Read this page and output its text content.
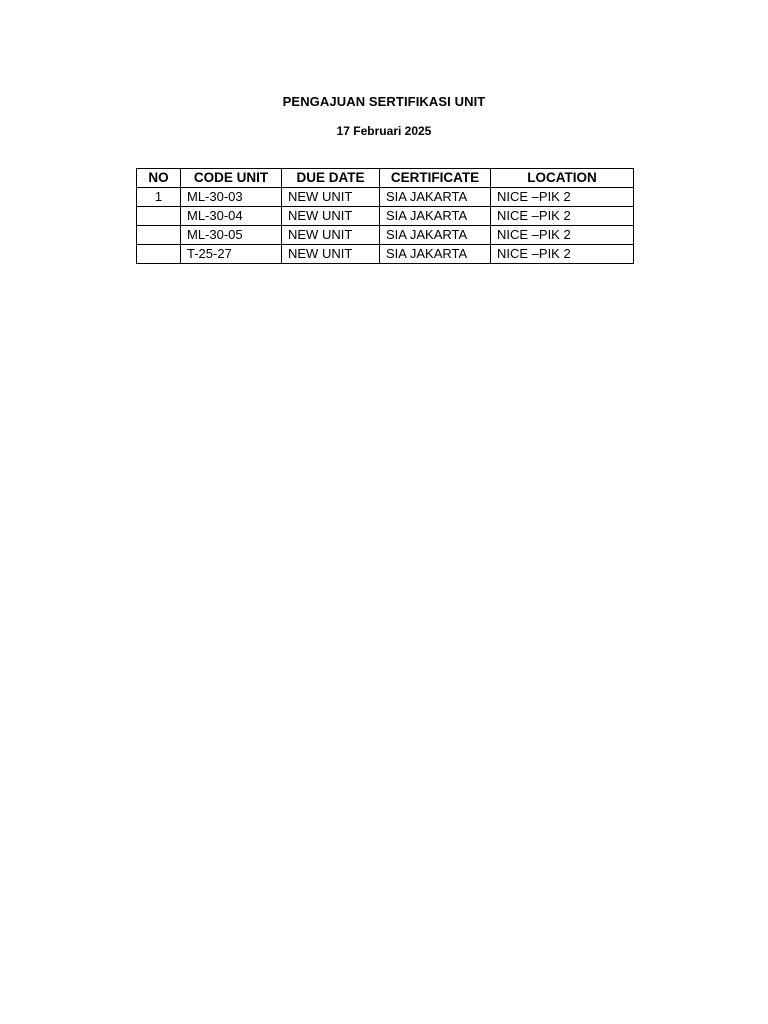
PENGAJUAN SERTIFIKASI UNIT
17 Februari 2025
NO	CODE UNIT	DUE DATE	CERTIFICATE	LOCATION
1	ML-30-03	NEW UNIT	SIA JAKARTA	NICE –PIK 2
	ML-30-04	NEW UNIT	SIA JAKARTA	NICE –PIK 2
	ML-30-05	NEW UNIT	SIA JAKARTA	NICE –PIK 2
	T-25-27	NEW UNIT	SIA JAKARTA	NICE –PIK 2
